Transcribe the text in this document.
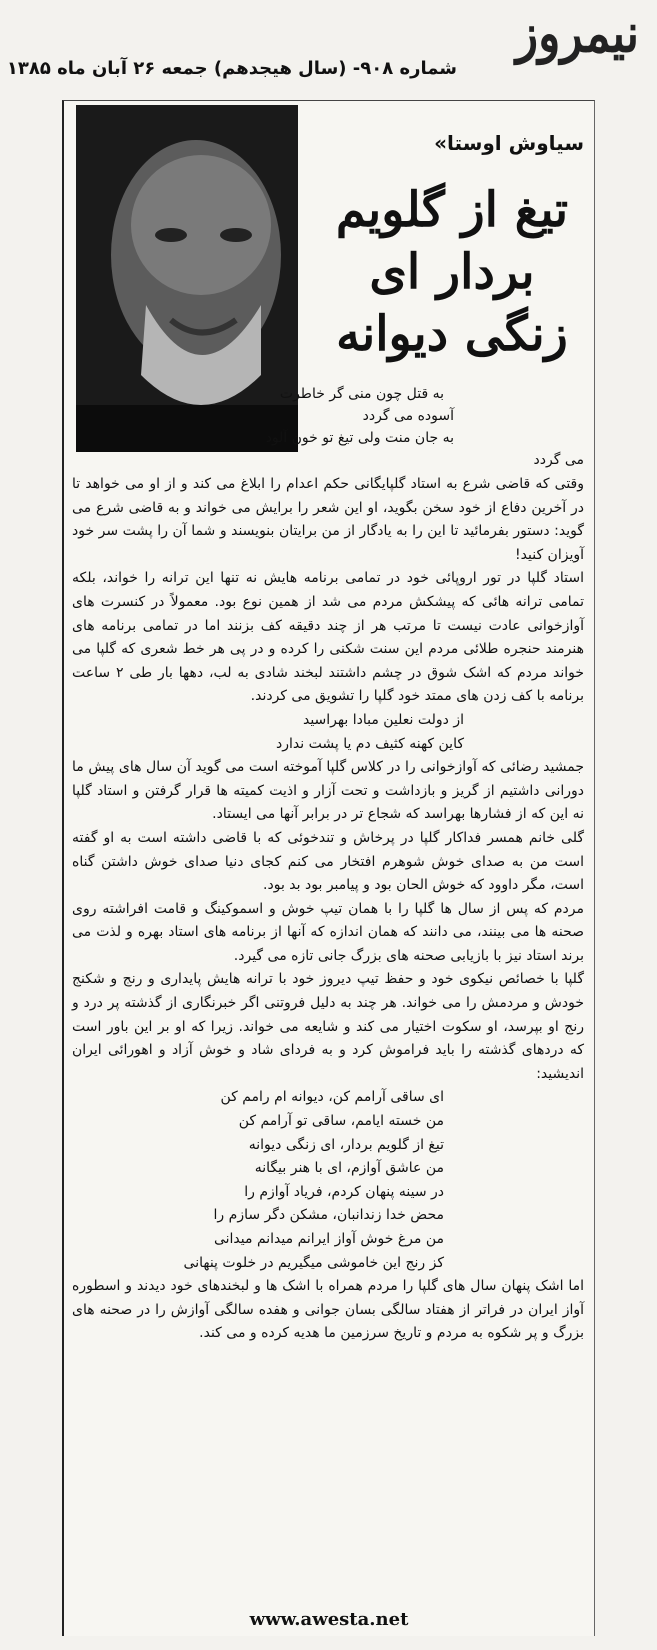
نیمروز
شماره ۹۰۸- (سال هیجدهم) جمعه ۲۶ آبان ماه ۱۳۸۵
سیاوش اوستا»
تیغ از گلویم بردار ای زنگی دیوانه

به قتل چون منی گر خاطرت

آسوده می گردد

به جان منت ولی تیغ تو خون آلود

می گردد

وقتی که قاضی شرع به استاد گلپایگانی حکم اعدام را ابلاغ می کند و از او می خواهد تا در آخرین دفاع از خود سخن بگوید، او این شعر را برایش می خواند و به قاضی شرع می گوید: دستور بفرمائید تا این را به یادگار از من برایتان بنویسند و شما آن را پشت سر خود آویزان کنید!

استاد گلپا در تور اروپائی خود در تمامی برنامه هایش نه تنها این ترانه را خواند، بلکه تمامی ترانه هائی که پیشکش مردم می شد از همین نوع بود. معمولاً در کنسرت های آوازخوانی عادت نیست تا مرتب هر از چند دقیقه کف بزنند اما در تمامی برنامه های هنرمند حنجره طلائی مردم این سنت شکنی را کرده و در پی هر خط شعری که گلپا می خواند مردم که اشک شوق در چشم داشتند لبخند شادی به لب، دهها بار طی ۲ ساعت برنامه با کف زدن های ممتد خود گلپا را تشویق می کردند.

از دولت نعلین مبادا بهراسید

کاین کهنه کثیف دم یا پشت ندارد

جمشید رضائی که آوازخوانی را در کلاس گلپا آموخته است می گوید آن سال های پیش ما دورانی داشتیم از گریز و بازداشت و تحت آزار و اذیت کمیته ها قرار گرفتن و استاد گلپا نه این که از فشارها بهراسد که شجاع تر در برابر آنها می ایستاد.

گلی خانم همسر فداکار گلپا در پرخاش و تندخوئی که با قاضی داشته است به او گفته است من به صدای خوش شوهرم افتخار می کنم کجای دنیا صدای خوش داشتن گناه است، مگر داوود که خوش الحان بود و پیامبر بود بد بود.

مردم که پس از سال ها گلپا را با همان تیپ خوش و اسموکینگ و قامت افراشته روی صحنه ها می بینند، می دانند که همان اندازه که آنها از برنامه های استاد بهره و لذت می برند استاد نیز با بازیابی صحنه های بزرگ جانی تازه می گیرد.

گلپا با خصائص نیکوی خود و حفظ تیپ دیروز خود با ترانه هایش پایداری و رنج و شکنج خودش و مردمش را می خواند. هر چند به دلیل فروتنی اگر خبرنگاری از گذشته پر درد و رنج او بپرسد، او سکوت اختیار می کند و شایعه می خواند. زیرا که او بر این باور است که دردهای گذشته را باید فراموش کرد و به فردای شاد و خوش آزاد و اهورائی ایران اندیشید:

ای ساقی آرامم کن، دیوانه ام رامم کن

من خسته ایامم، ساقی تو آرامم کن

تیغ از گلویم بردار، ای زنگی دیوانه

من عاشق آوازم، ای با هنر بیگانه

در سینه پنهان کردم، فریاد آوازم را

محض خدا زندانبان، مشکن دگر سازم را

من مرغ خوش آواز ایرانم میدانم میدانی

کز رنج این خاموشی میگیریم در خلوت پنهانی

اما اشک پنهان سال های گلپا را مردم همراه با اشک ها و لبخندهای خود دیدند و اسطوره آواز ایران در فراتر از هفتاد سالگی بسان جوانی و هفده سالگی آوازش را در صحنه های بزرگ و پر شکوه به مردم و تاریخ سرزمین ما هدیه کرده و می کند.

www.awesta.net
